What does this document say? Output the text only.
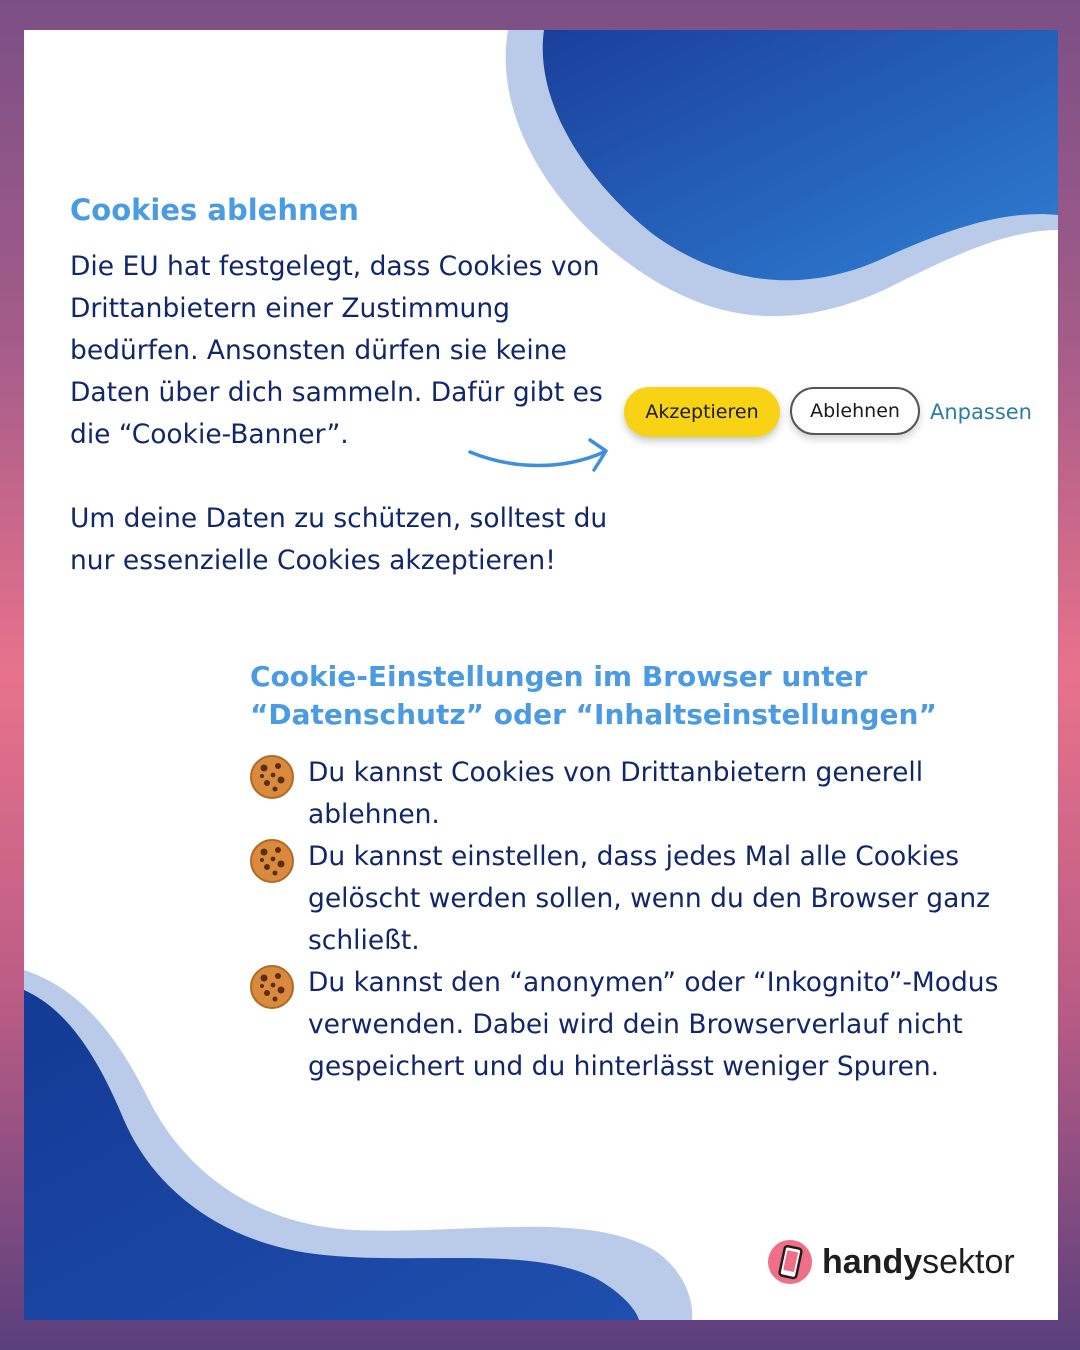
Cookies ablehnen

Die EU hat festgelegt, dass Cookies von Drittanbietern einer Zustimmung bedürfen. Ansonsten dürfen sie keine Daten über dich sammeln. Dafür gibt es die “Cookie-Banner”.

Um deine Daten zu schützen, solltest du nur essenzielle Cookies akzeptieren!

Akzeptieren	Ablehnen	Anpassen
Cookie-Einstellungen im Browser unter “Datenschutz” oder “Inhaltseinstellungen”
Du kannst Cookies von Drittanbietern generell ablehnen.
Du kannst einstellen, dass jedes Mal alle Cookies gelöscht werden sollen, wenn du den Browser ganz schließt.
Du kannst den “anonymen” oder “Inkognito”-Modus verwenden. Dabei wird dein Browserverlauf nicht gespeichert und du hinterlässt weniger Spuren.
handysektor
